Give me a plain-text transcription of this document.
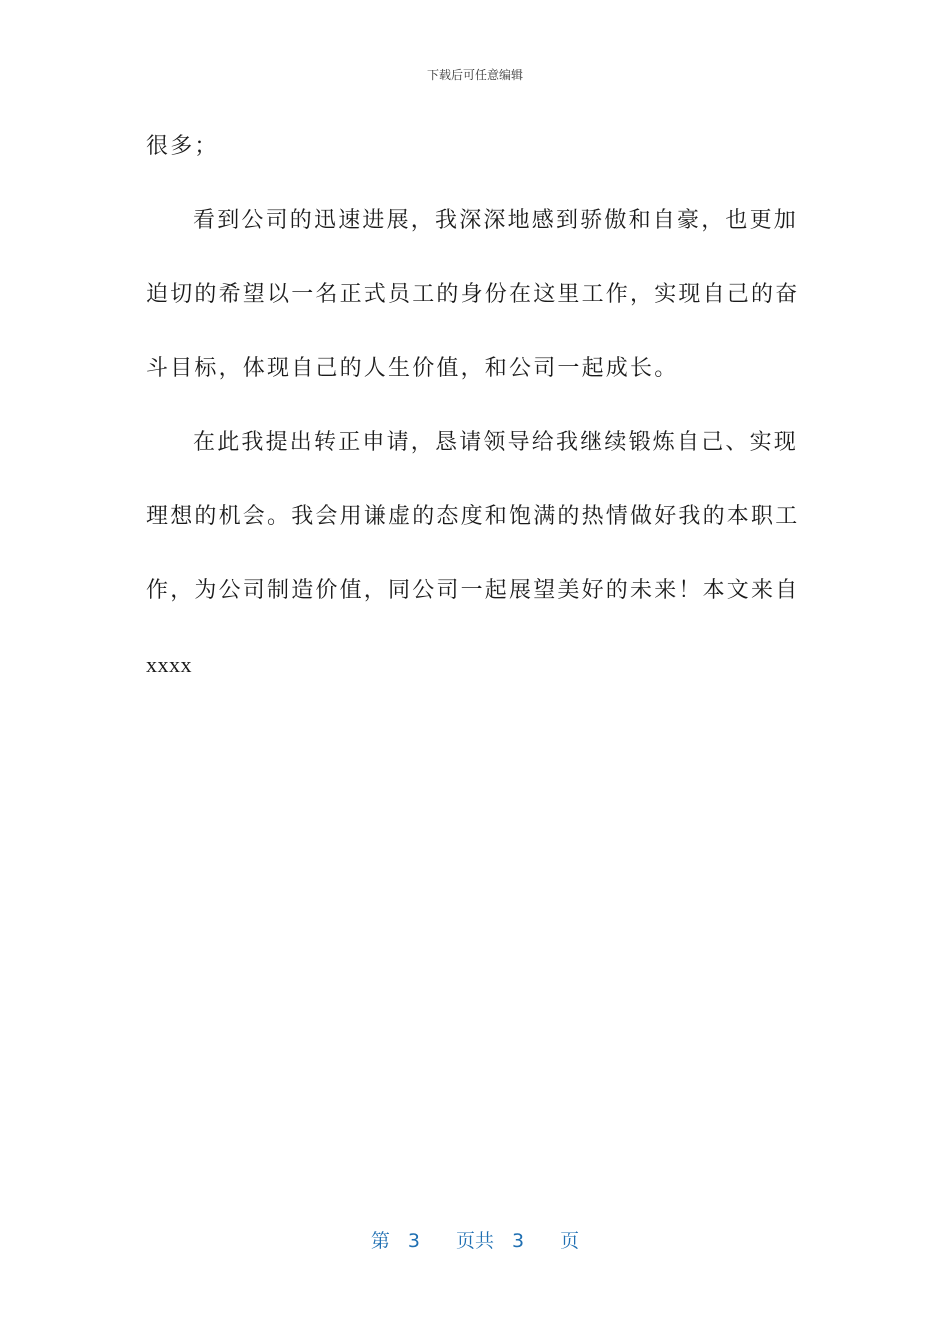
下载后可任意编辑
很多；
看到公司的迅速进展，我深深地感到骄傲和自豪，也更加
迫切的希望以一名正式员工的身份在这里工作，实现自己的奋
斗目标，体现自己的人生价值，和公司一起成长。
在此我提出转正申请，恳请领导给我继续锻炼自己、实现
理想的机会。我会用谦虚的态度和饱满的热情做好我的本职工
作，为公司制造价值，同公司一起展望美好的未来！本文来自
xxxx
第 3 页共 3 页
